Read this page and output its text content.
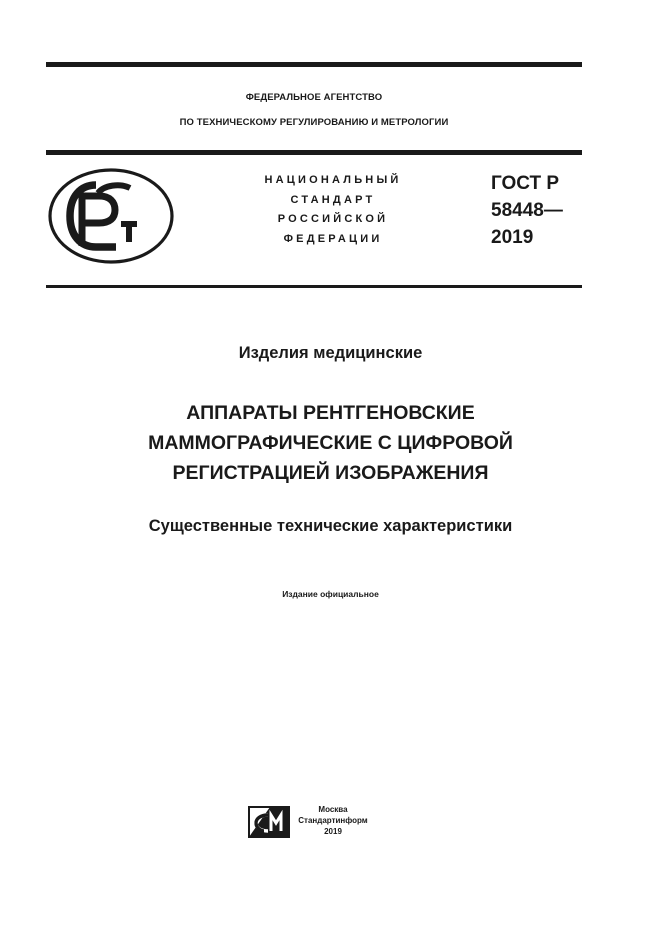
ФЕДЕРАЛЬНОЕ АГЕНТСТВО
ПО ТЕХНИЧЕСКОМУ РЕГУЛИРОВАНИЮ И МЕТРОЛОГИИ
НАЦИОНАЛЬНЫЙ
СТАНДАРТ
РОССИЙСКОЙ
ФЕДЕРАЦИИ
ГОСТ Р
58448—
2019
Изделия медицинские
АППАРАТЫ РЕНТГЕНОВСКИЕ
МАММОГРАФИЧЕСКИЕ С ЦИФРОВОЙ
РЕГИСТРАЦИЕЙ ИЗОБРАЖЕНИЯ
Существенные технические характеристики
Издание официальное
Москва
Стандартинформ
2019
